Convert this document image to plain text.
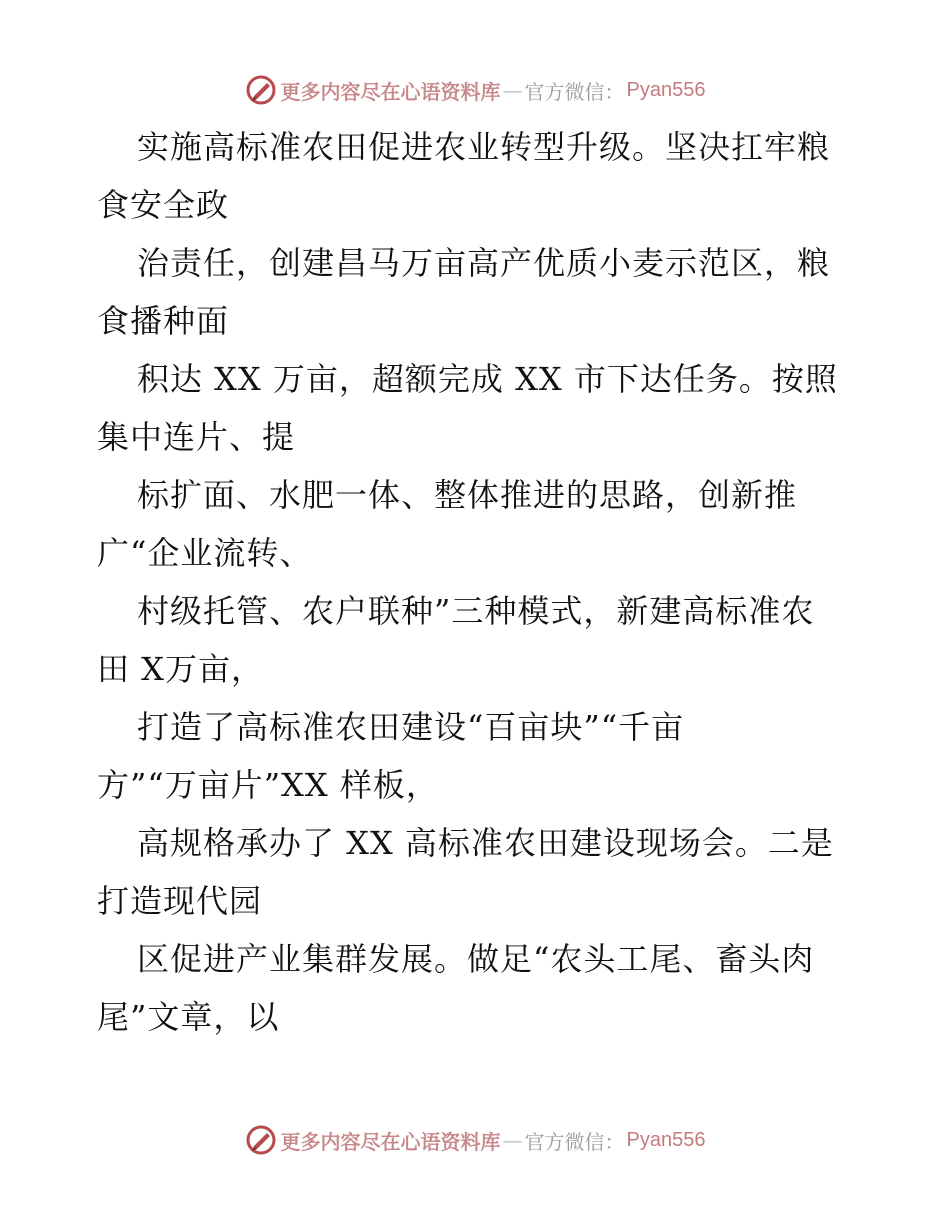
更多内容尽在心语资料库 — 官方微信： Pyan556

实施高标准农田促进农业转型升级。坚决扛牢粮
食安全政

治责任，创建昌马万亩高产优质小麦示范区，粮
食播种面

积达 XX 万亩，超额完成 XX 市下达任务。按照
集中连片、提

标扩面、水肥一体、整体推进的思路，创新推
广“企业流转、

村级托管、农户联种”三种模式，新建高标准农
田 X万亩，

打造了高标准农田建设“百亩块”“千亩
方”“万亩片”XX 样板，

高规格承办了 XX 高标准农田建设现场会。二是
打造现代园

区促进产业集群发展。做足“农头工尾、畜头肉
尾”文章，以

更多内容尽在心语资料库 — 官方微信： Pyan556
